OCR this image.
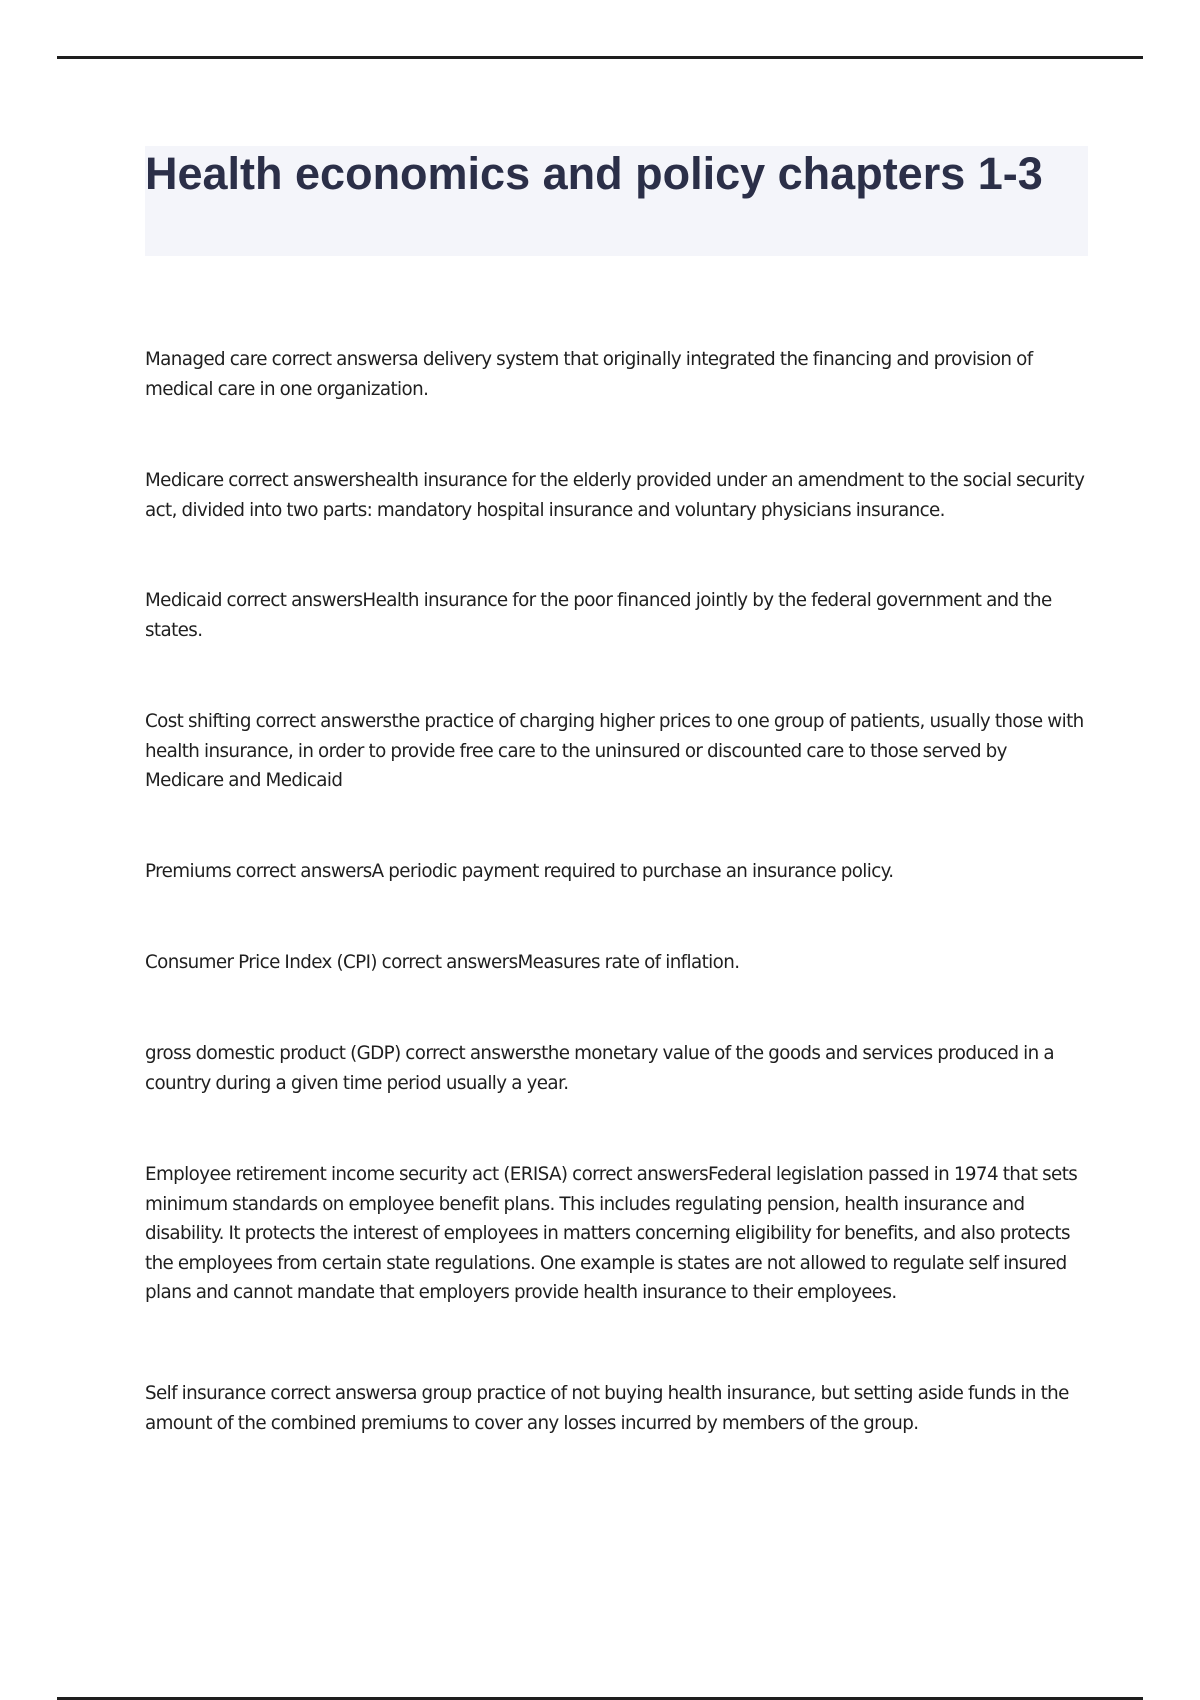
Health economics and policy chapters 1-3

Managed care correct answersa delivery system that originally integrated the financing and provision of medical care in one organization.

Medicare correct answershealth insurance for the elderly provided under an amendment to the social security act, divided into two parts: mandatory hospital insurance and voluntary physicians insurance.

Medicaid correct answersHealth insurance for the poor financed jointly by the federal government and the states.

Cost shifting correct answersthe practice of charging higher prices to one group of patients, usually those with health insurance, in order to provide free care to the uninsured or discounted care to those served by Medicare and Medicaid

Premiums correct answersA periodic payment required to purchase an insurance policy.

Consumer Price Index (CPI) correct answersMeasures rate of inflation.

gross domestic product (GDP) correct answersthe monetary value of the goods and services produced in a country during a given time period usually a year.

Employee retirement income security act (ERISA) correct answersFederal legislation passed in 1974 that sets minimum standards on employee benefit plans. This includes regulating pension, health insurance and disability. It protects the interest of employees in matters concerning eligibility for benefits, and also protects the employees from certain state regulations. One example is states are not allowed to regulate self insured plans and cannot mandate that employers provide health insurance to their employees.

Self insurance correct answersa group practice of not buying health insurance, but setting aside funds in the amount of the combined premiums to cover any losses incurred by members of the group.
